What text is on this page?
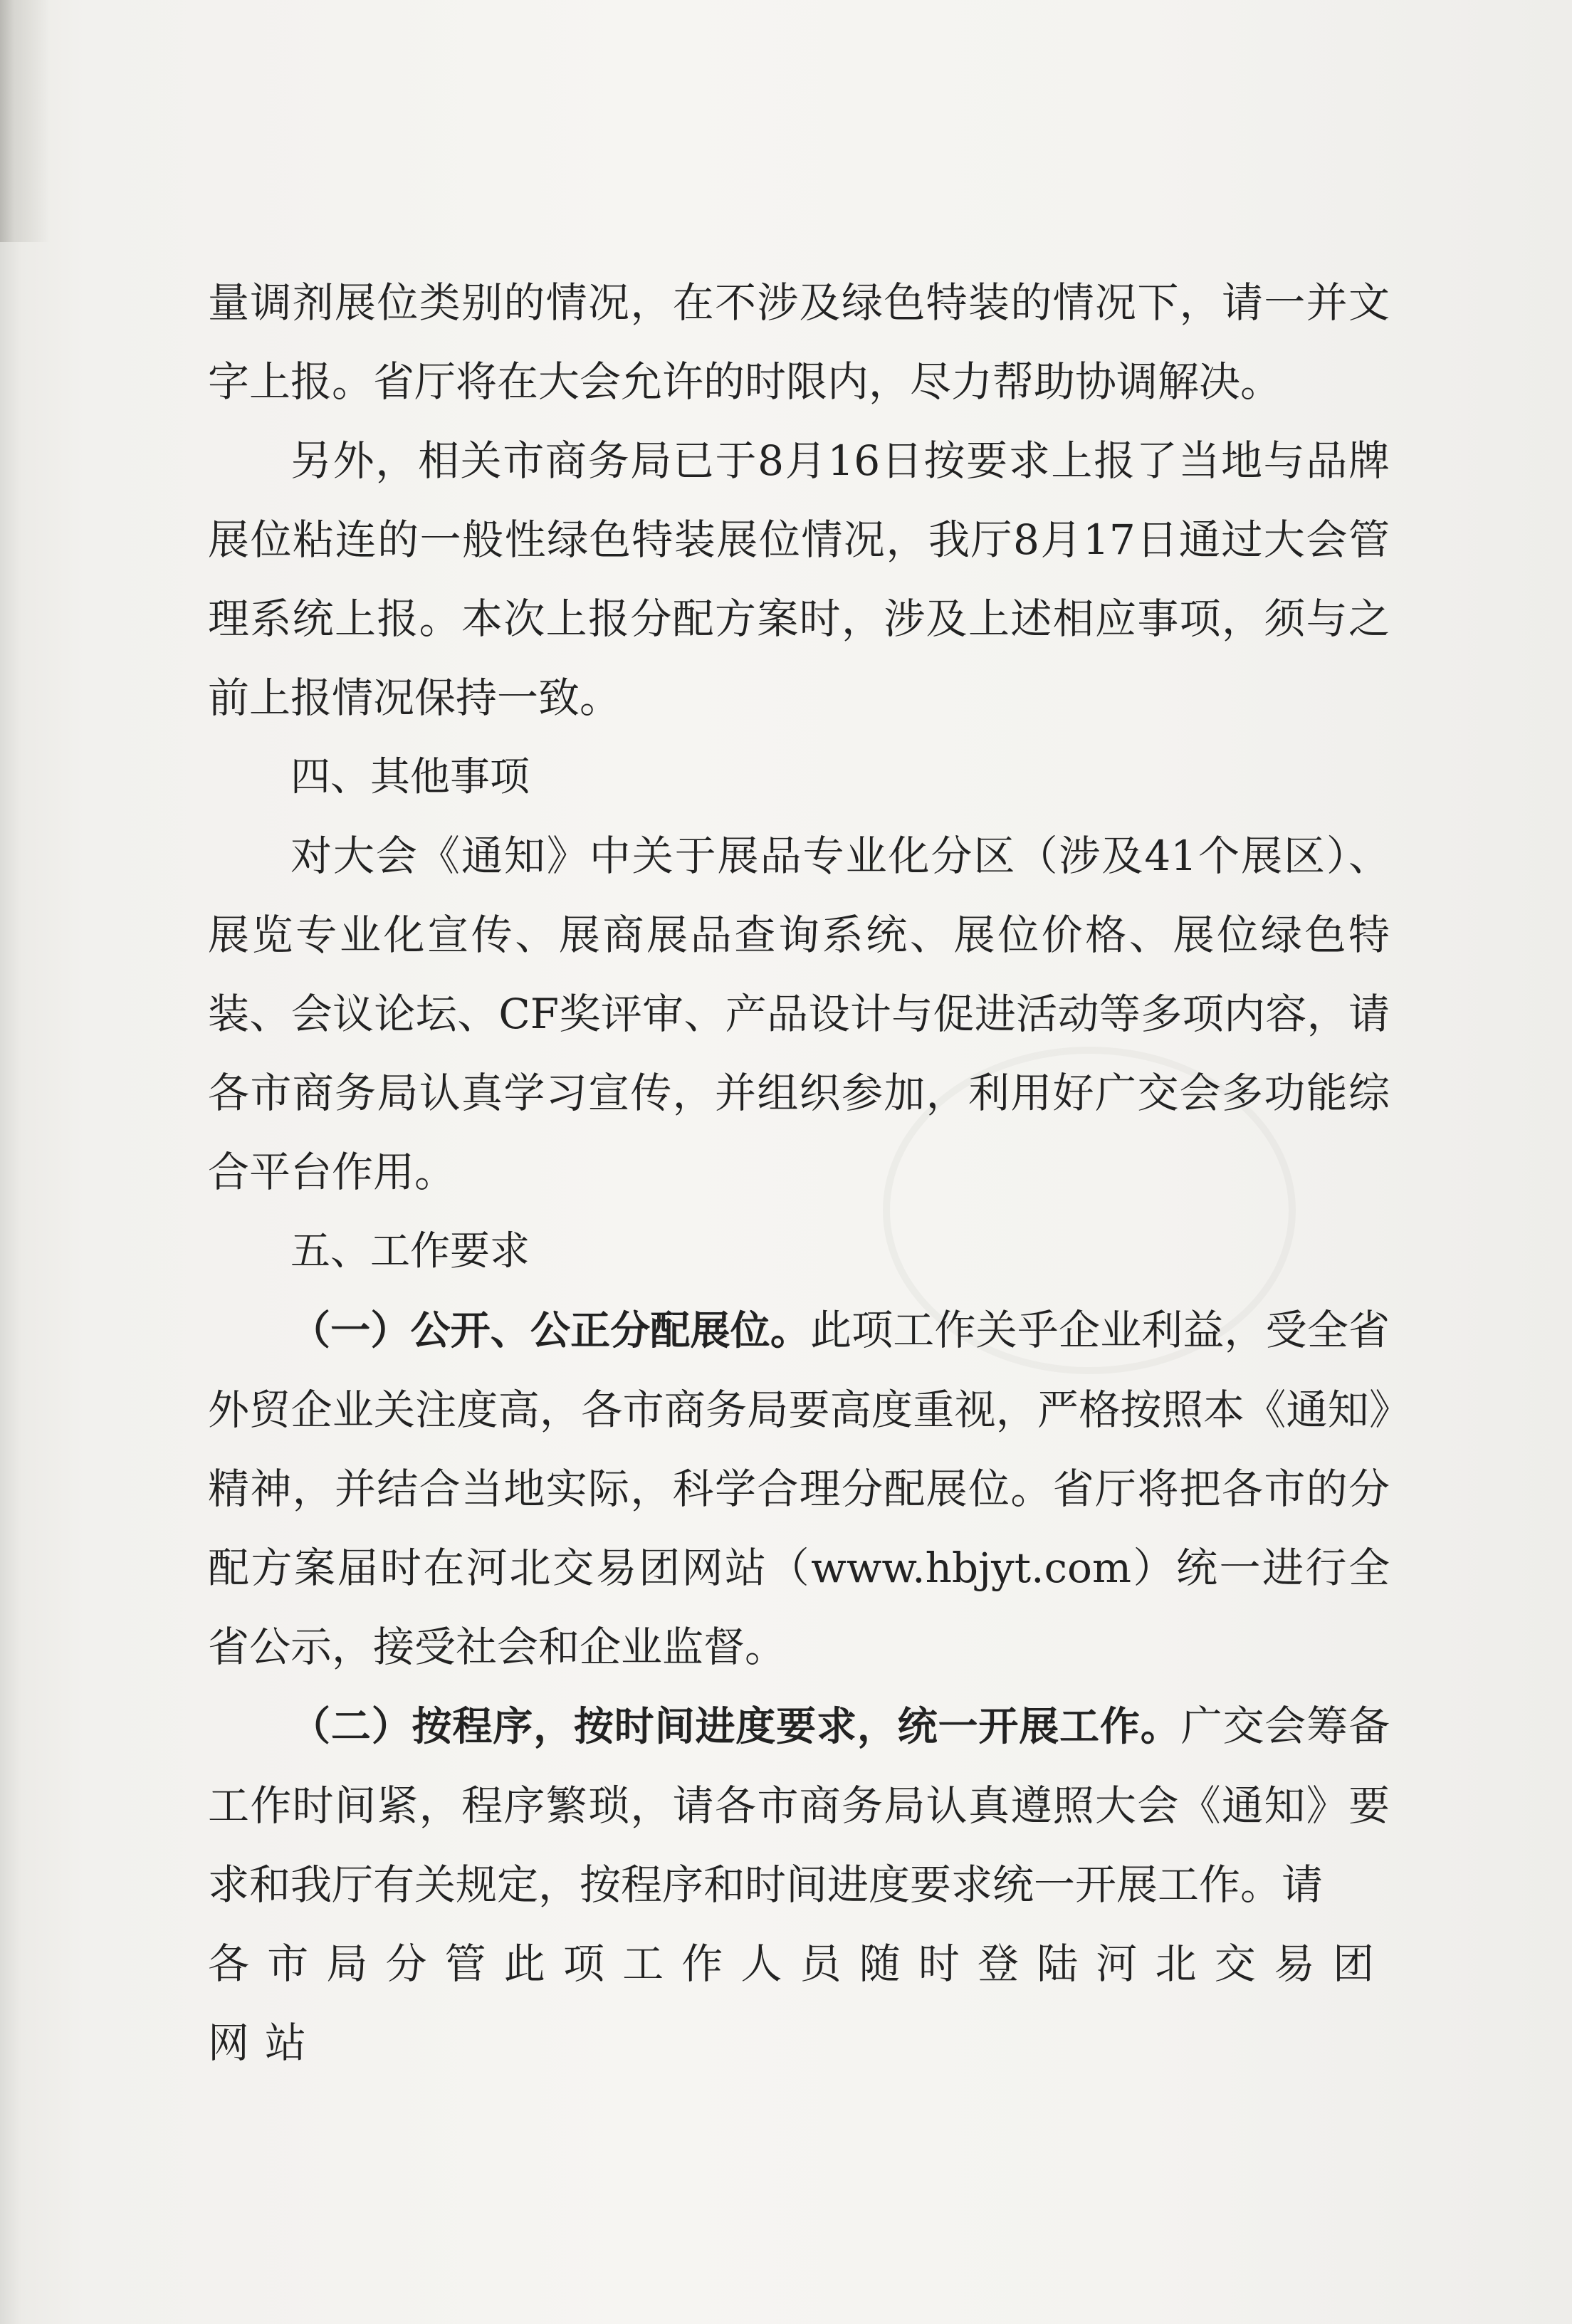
量调剂展位类别的情况，在不涉及绿色特装的情况下，请一并文字上报。省厅将在大会允许的时限内，尽力帮助协调解决。

另外，相关市商务局已于8月16日按要求上报了当地与品牌展位粘连的一般性绿色特装展位情况，我厅8月17日通过大会管理系统上报。本次上报分配方案时，涉及上述相应事项，须与之前上报情况保持一致。

四、其他事项

对大会《通知》中关于展品专业化分区（涉及41个展区）、展览专业化宣传、展商展品查询系统、展位价格、展位绿色特装、会议论坛、CF奖评审、产品设计与促进活动等多项内容，请各市商务局认真学习宣传，并组织参加，利用好广交会多功能综合平台作用。

五、工作要求

（一）公开、公正分配展位。此项工作关乎企业利益，受全省外贸企业关注度高，各市商务局要高度重视，严格按照本《通知》精神，并结合当地实际，科学合理分配展位。省厅将把各市的分配方案届时在河北交易团网站（www.hbjyt.com）统一进行全省公示，接受社会和企业监督。

（二）按程序，按时间进度要求，统一开展工作。广交会筹备工作时间紧，程序繁琐，请各市商务局认真遵照大会《通知》要求和我厅有关规定，按程序和时间进度要求统一开展工作。请

各市局分管此项工作人员随时登陆河北交易团网站
